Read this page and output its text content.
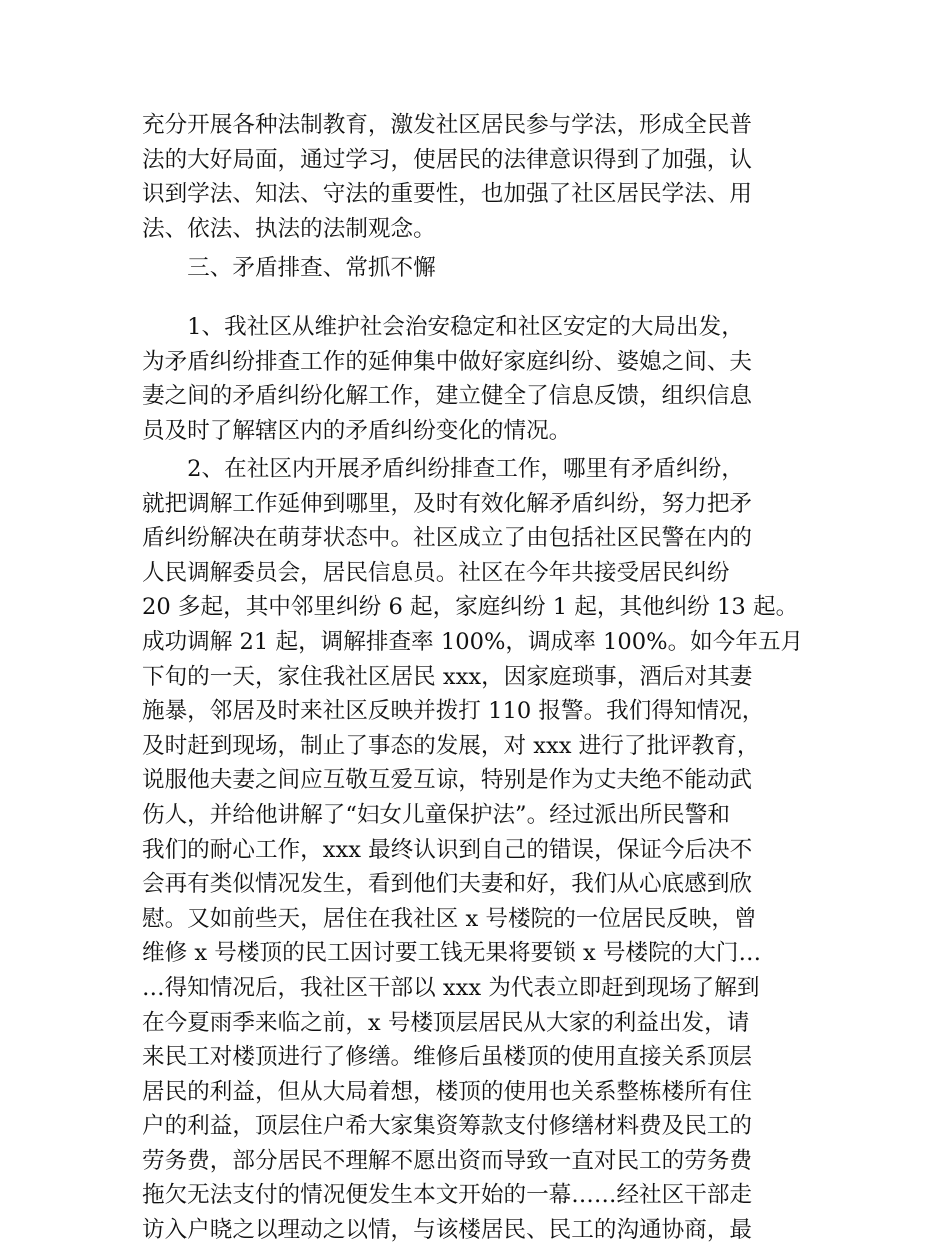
充分开展各种法制教育，激发社区居民参与学法，形成全民普
法的大好局面，通过学习，使居民的法律意识得到了加强，认
识到学法、知法、守法的重要性，也加强了社区居民学法、用
法、依法、执法的法制观念。
　　三、矛盾排查、常抓不懈
　　1、我社区从维护社会治安稳定和社区安定的大局出发，
为矛盾纠纷排查工作的延伸集中做好家庭纠纷、婆媳之间、夫
妻之间的矛盾纠纷化解工作，建立健全了信息反馈，组织信息
员及时了解辖区内的矛盾纠纷变化的情况。
　　2、在社区内开展矛盾纠纷排查工作，哪里有矛盾纠纷，
就把调解工作延伸到哪里，及时有效化解矛盾纠纷，努力把矛
盾纠纷解决在萌芽状态中。社区成立了由包括社区民警在内的
人民调解委员会，居民信息员。社区在今年共接受居民纠纷
20 多起，其中邻里纠纷 6 起，家庭纠纷 1 起，其他纠纷 13 起。
成功调解 21 起，调解排查率 100%，调成率 100%。如今年五月
下旬的一天，家住我社区居民 xxx，因家庭琐事，酒后对其妻
施暴，邻居及时来社区反映并拨打 110 报警。我们得知情况，
及时赶到现场，制止了事态的发展，对 xxx 进行了批评教育，
说服他夫妻之间应互敬互爱互谅，特别是作为丈夫绝不能动武
伤人，并给他讲解了“妇女儿童保护法”。经过派出所民警和
我们的耐心工作，xxx 最终认识到自己的错误，保证今后决不
会再有类似情况发生，看到他们夫妻和好，我们从心底感到欣
慰。又如前些天，居住在我社区 x 号楼院的一位居民反映，曾
维修 x 号楼顶的民工因讨要工钱无果将要锁 x 号楼院的大门…
…得知情况后，我社区干部以 xxx 为代表立即赶到现场了解到
在今夏雨季来临之前，x 号楼顶层居民从大家的利益出发，请
来民工对楼顶进行了修缮。维修后虽楼顶的使用直接关系顶层
居民的利益，但从大局着想，楼顶的使用也关系整栋楼所有住
户的利益，顶层住户希大家集资筹款支付修缮材料费及民工的
劳务费，部分居民不理解不愿出资而导致一直对民工的劳务费
拖欠无法支付的情况便发生本文开始的一幕……经社区干部走
访入户晓之以理动之以情，与该楼居民、民工的沟通协商，最
